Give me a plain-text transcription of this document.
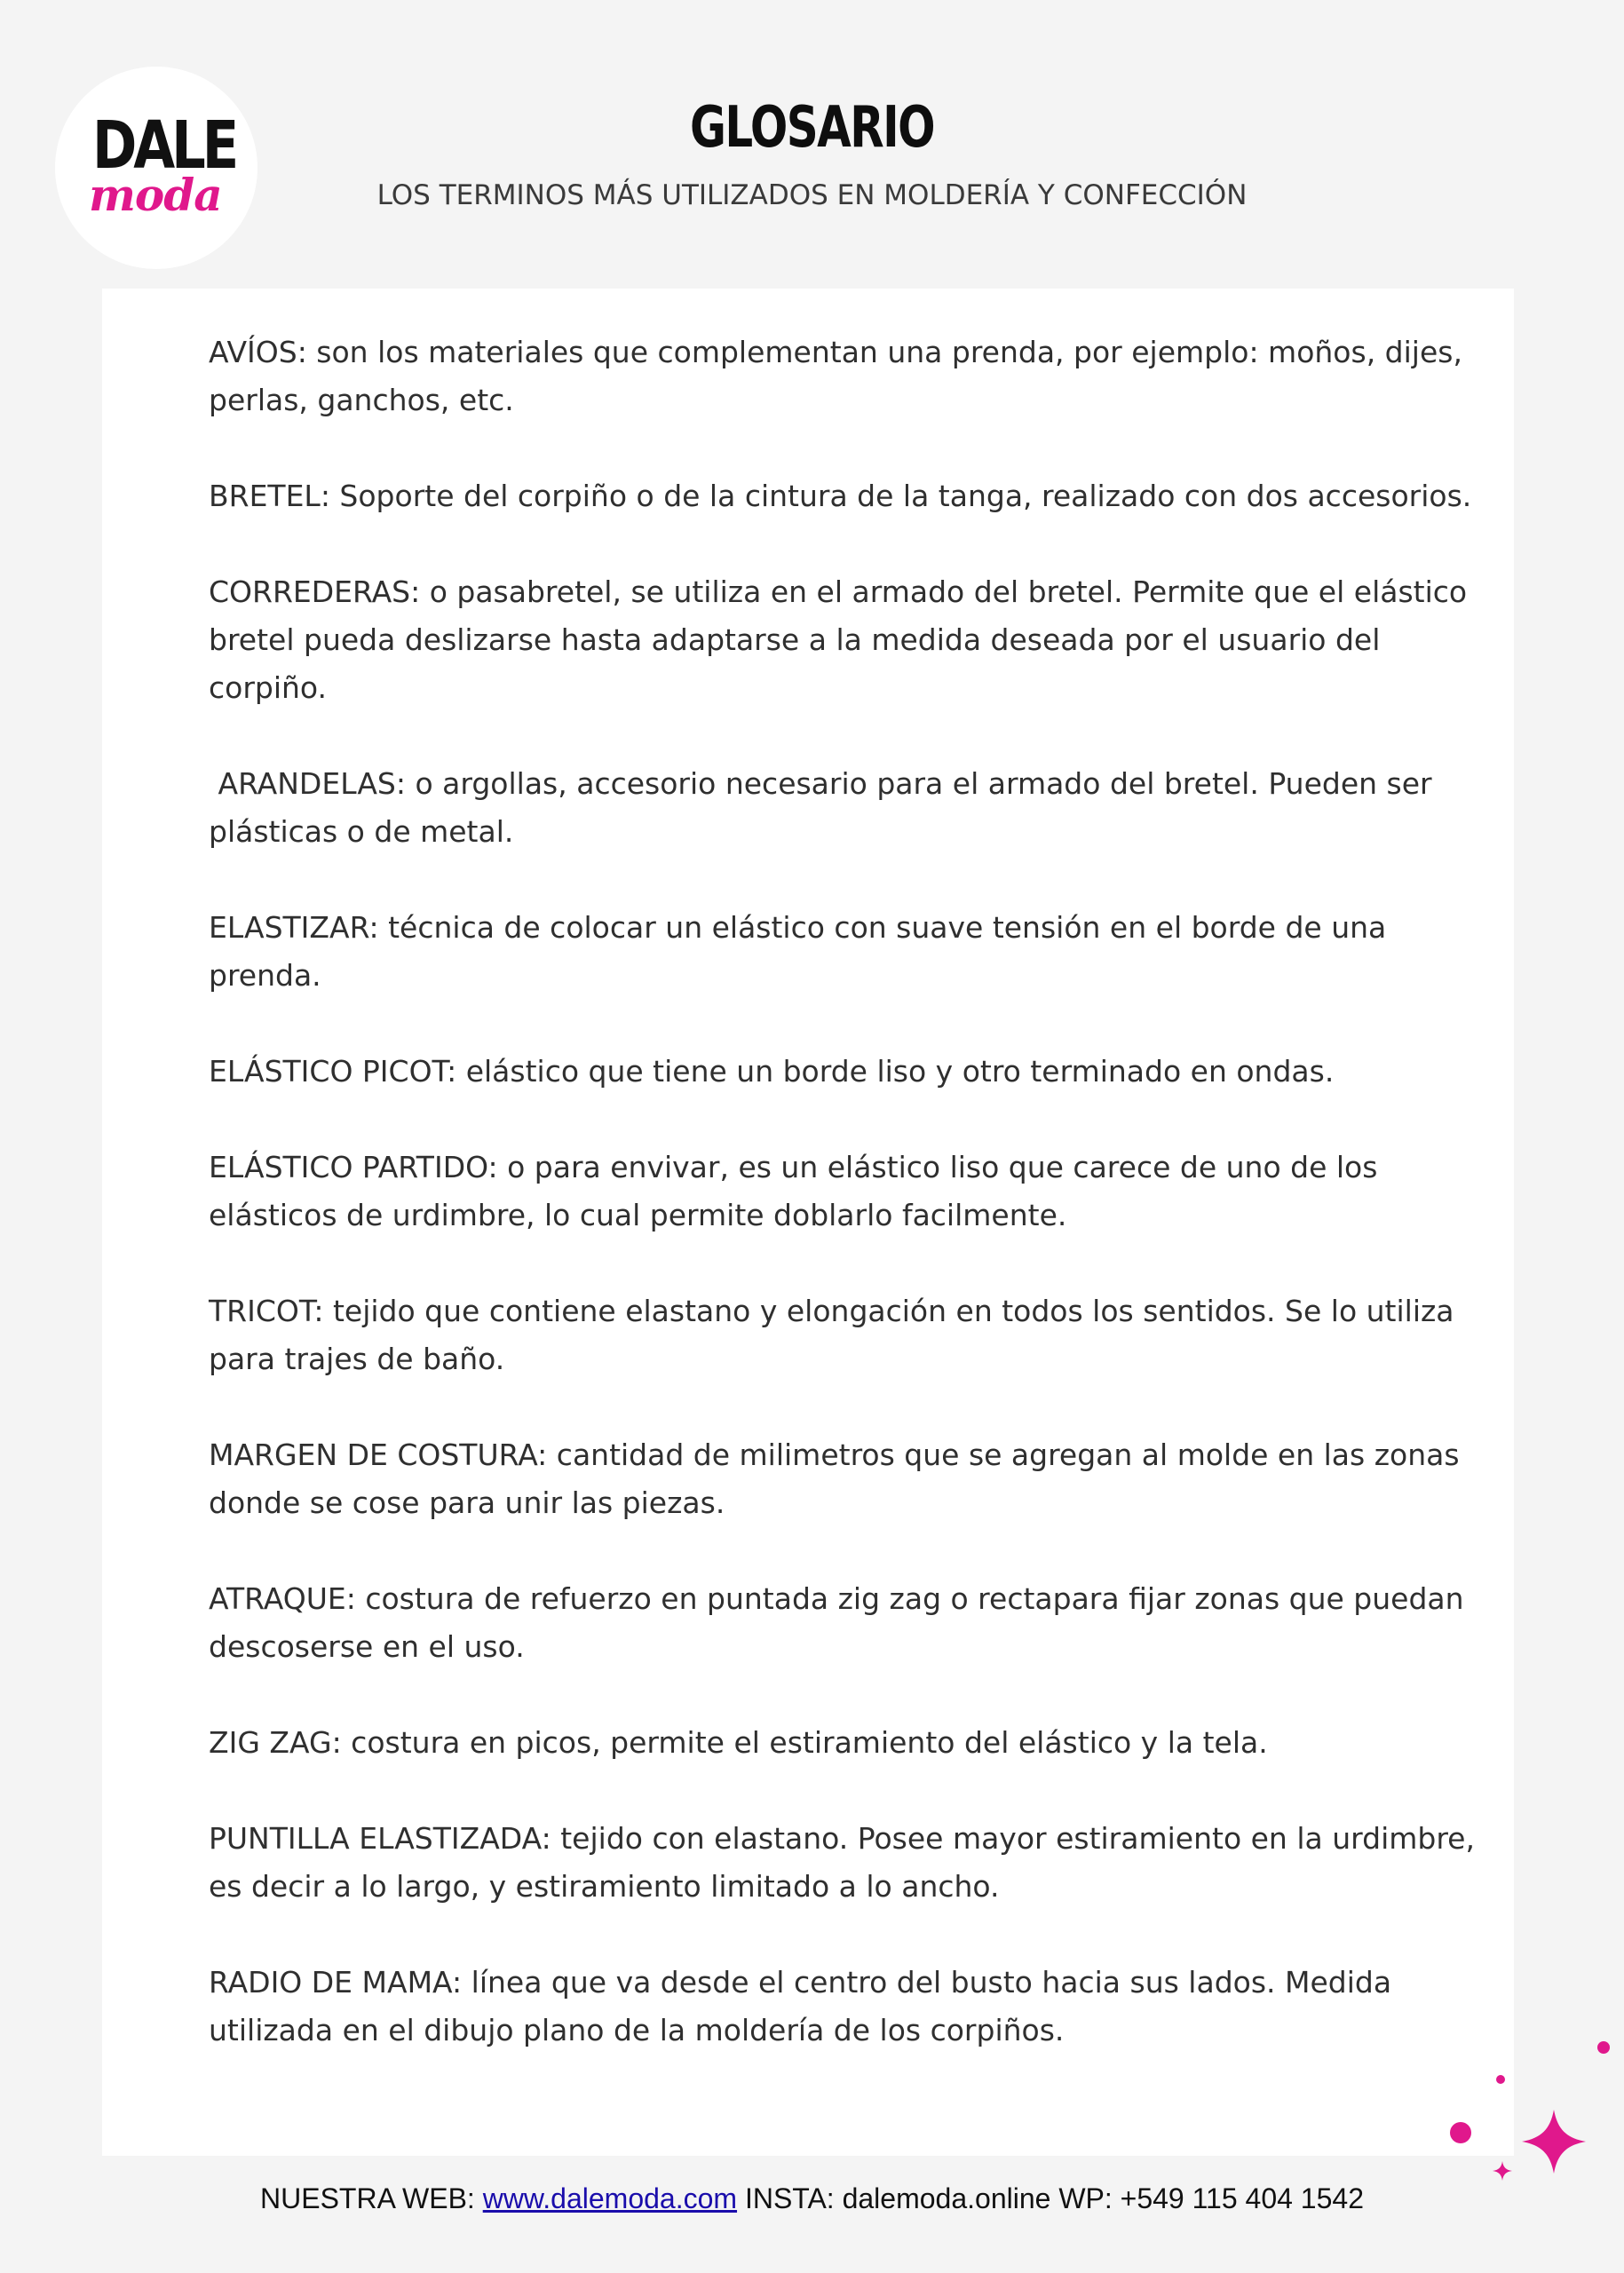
DALE
moda
GLOSARIO

LOS TERMINOS MÁS UTILIZADOS EN MOLDERÍA Y CONFECCIÓN

AVÍOS: son los materiales que complementan una prenda, por ejemplo: moños, dijes, perlas, ganchos, etc.

BRETEL: Soporte del corpiño o de la cintura de la tanga, realizado con dos accesorios.

CORREDERAS: o pasabretel, se utiliza en el armado del bretel. Permite que el elástico bretel pueda deslizarse hasta adaptarse a la medida deseada por el usuario del corpiño.

ARANDELAS: o argollas, accesorio necesario para el armado del bretel. Pueden ser plásticas o de metal.

ELASTIZAR: técnica de colocar un elástico con suave tensión en el borde de una prenda.

ELÁSTICO PICOT: elástico que tiene un borde liso y otro terminado en ondas.

ELÁSTICO PARTIDO: o para envivar, es un elástico liso que carece de uno de los elásticos de urdimbre, lo cual permite doblarlo facilmente.

TRICOT: tejido que contiene elastano y elongación en todos los sentidos. Se lo utiliza para trajes de baño.

MARGEN DE COSTURA: cantidad de milimetros que se agregan al molde en las zonas donde se cose para unir las piezas.

ATRAQUE: costura de refuerzo en puntada zig zag o rectapara fijar zonas que puedan descoserse en el uso.

ZIG ZAG: costura en picos, permite el estiramiento del elástico y la tela.

PUNTILLA ELASTIZADA: tejido con elastano. Posee mayor estiramiento en la urdimbre, es decir a lo largo, y estiramiento limitado a lo ancho.

RADIO DE MAMA: línea que va desde el centro del busto hacia sus lados. Medida utilizada en el dibujo plano de la moldería de los corpiños.

NUESTRA WEB: www.dalemoda.com INSTA: dalemoda.online WP: +549 115 404 1542
